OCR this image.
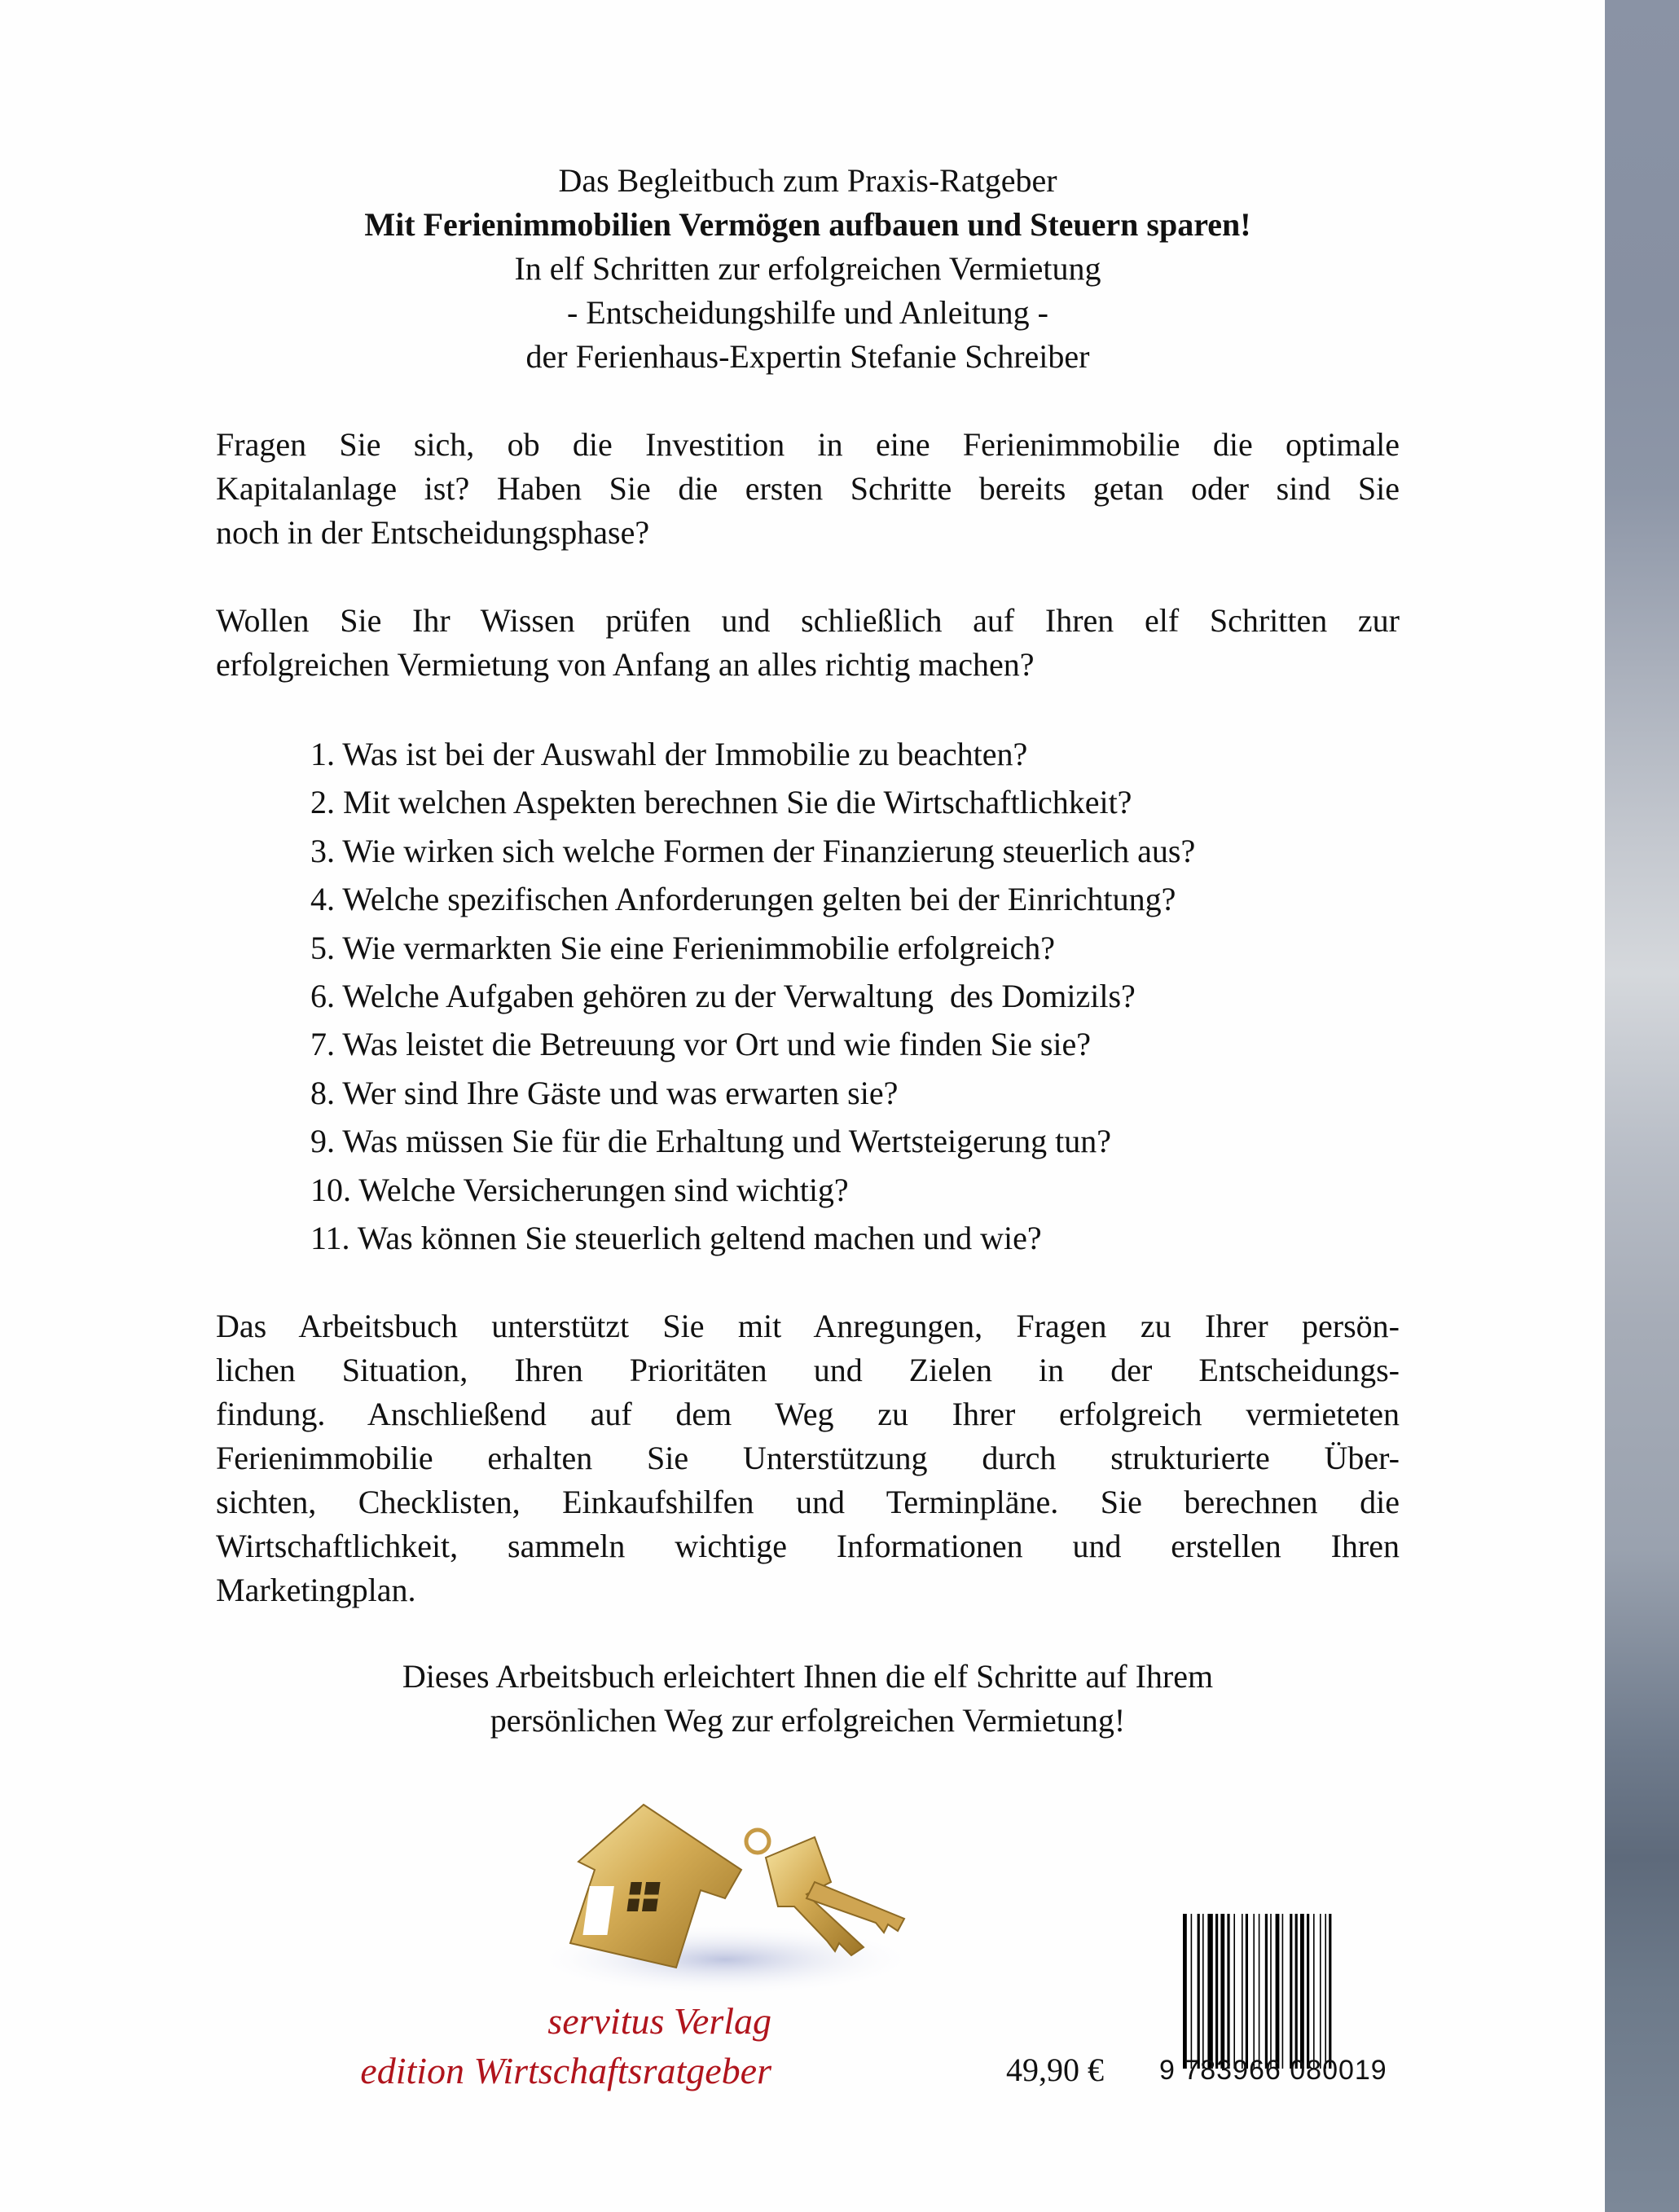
Das Begleitbuch zum Praxis-Ratgeber
Mit Ferienimmobilien Vermögen aufbauen und Steuern sparen!
In elf Schritten zur erfolgreichen Vermietung
- Entscheidungshilfe und Anleitung -
der Ferienhaus-Expertin Stefanie Schreiber
Fragen Sie sich, ob die Investition in eine Ferienimmobilie die optimale
Kapitalanlage ist? Haben Sie die ersten Schritte bereits getan oder sind Sie
noch in der Entscheidungsphase?
Wollen Sie Ihr Wissen prüfen und schließlich auf Ihren elf Schritten zur
erfolgreichen Vermietung von Anfang an alles richtig machen?
1. Was ist bei der Auswahl der Immobilie zu beachten?
2. Mit welchen Aspekten berechnen Sie die Wirtschaftlichkeit?
3. Wie wirken sich welche Formen der Finanzierung steuerlich aus?
4. Welche spezifischen Anforderungen gelten bei der Einrichtung?
5. Wie vermarkten Sie eine Ferienimmobilie erfolgreich?
6. Welche Aufgaben gehören zu der Verwaltung  des Domizils?
7. Was leistet die Betreuung vor Ort und wie finden Sie sie?
8. Wer sind Ihre Gäste und was erwarten sie?
9. Was müssen Sie für die Erhaltung und Wertsteigerung tun?
10. Welche Versicherungen sind wichtig?
11. Was können Sie steuerlich geltend machen und wie?
Das Arbeitsbuch unterstützt Sie mit Anregungen, Fragen zu Ihrer persön-
lichen Situation, Ihren Prioritäten und Zielen in der Entscheidungs-
findung. Anschließend auf dem Weg zu Ihrer erfolgreich vermieteten
Ferienimmobilie erhalten Sie Unterstützung durch strukturierte Über-
sichten, Checklisten, Einkaufshilfen und Terminpläne. Sie berechnen die
Wirtschaftlichkeit, sammeln wichtige Informationen und erstellen Ihren
Marketingplan.
Dieses Arbeitsbuch erleichtert Ihnen die elf Schritte auf Ihrem
persönlichen Weg zur erfolgreichen Vermietung!
servitus Verlag
edition Wirtschaftsratgeber	49,90 € 9 783966 080019
